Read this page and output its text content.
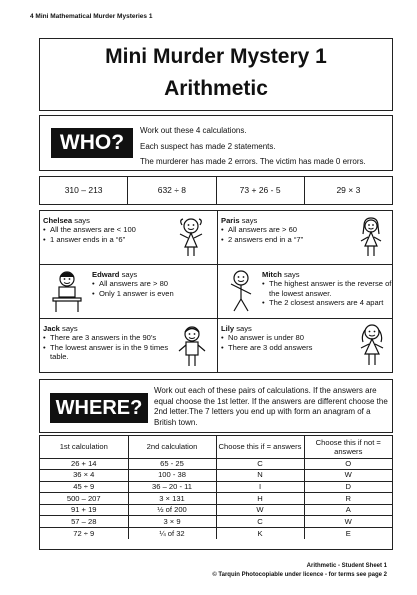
4 Mini Mathematical Murder Mysteries 1
Mini Murder Mystery 1
Arithmetic
WHO?
Work out these 4 calculations.
Each suspect has made 2 statements.
The murderer has made 2 errors. The victim has made 0 errors.
310 – 213	632 ÷ 8	73 + 26 - 5	29 × 3
Chelsea says
• All the answers are < 100
• 1 answer ends in a “6”
Paris says
• All answers are > 60
• 2 answers end in a “7”
Edward says
• All answers are > 80
• Only 1 answer is even
Mitch says
• The highest answer is the reverse of the lowest answer.
• The 2 closest answers are 4 apart
Jack says
• There are 3 answers in the 90’s
• The lowest answer is in the 9 times table.
Lily says
• No answer is under 80
• There are 3 odd answers
WHERE?
Work out each of these pairs of calculations. If the answers are equal choose the 1st letter. If the answers are different choose the 2nd letter.The 7 letters you end up with form an anagram of a British town.
1st calculation	2nd calculation	Choose this if = answers	Choose this if not = answers
26 + 14	65 - 25	C	O
36 × 4	100 - 38	N	W
45 ÷ 9	36 – 20 - 11	I	D
500 – 207	3 × 131	H	R
91 + 19	½ of 200	W	A
57 – 28	3 × 9	C	W
72 ÷ 9	¼ of 32	K	E
Arithmetic - Student Sheet 1
© Tarquin Photocopiable under licence - for terms see page 2
